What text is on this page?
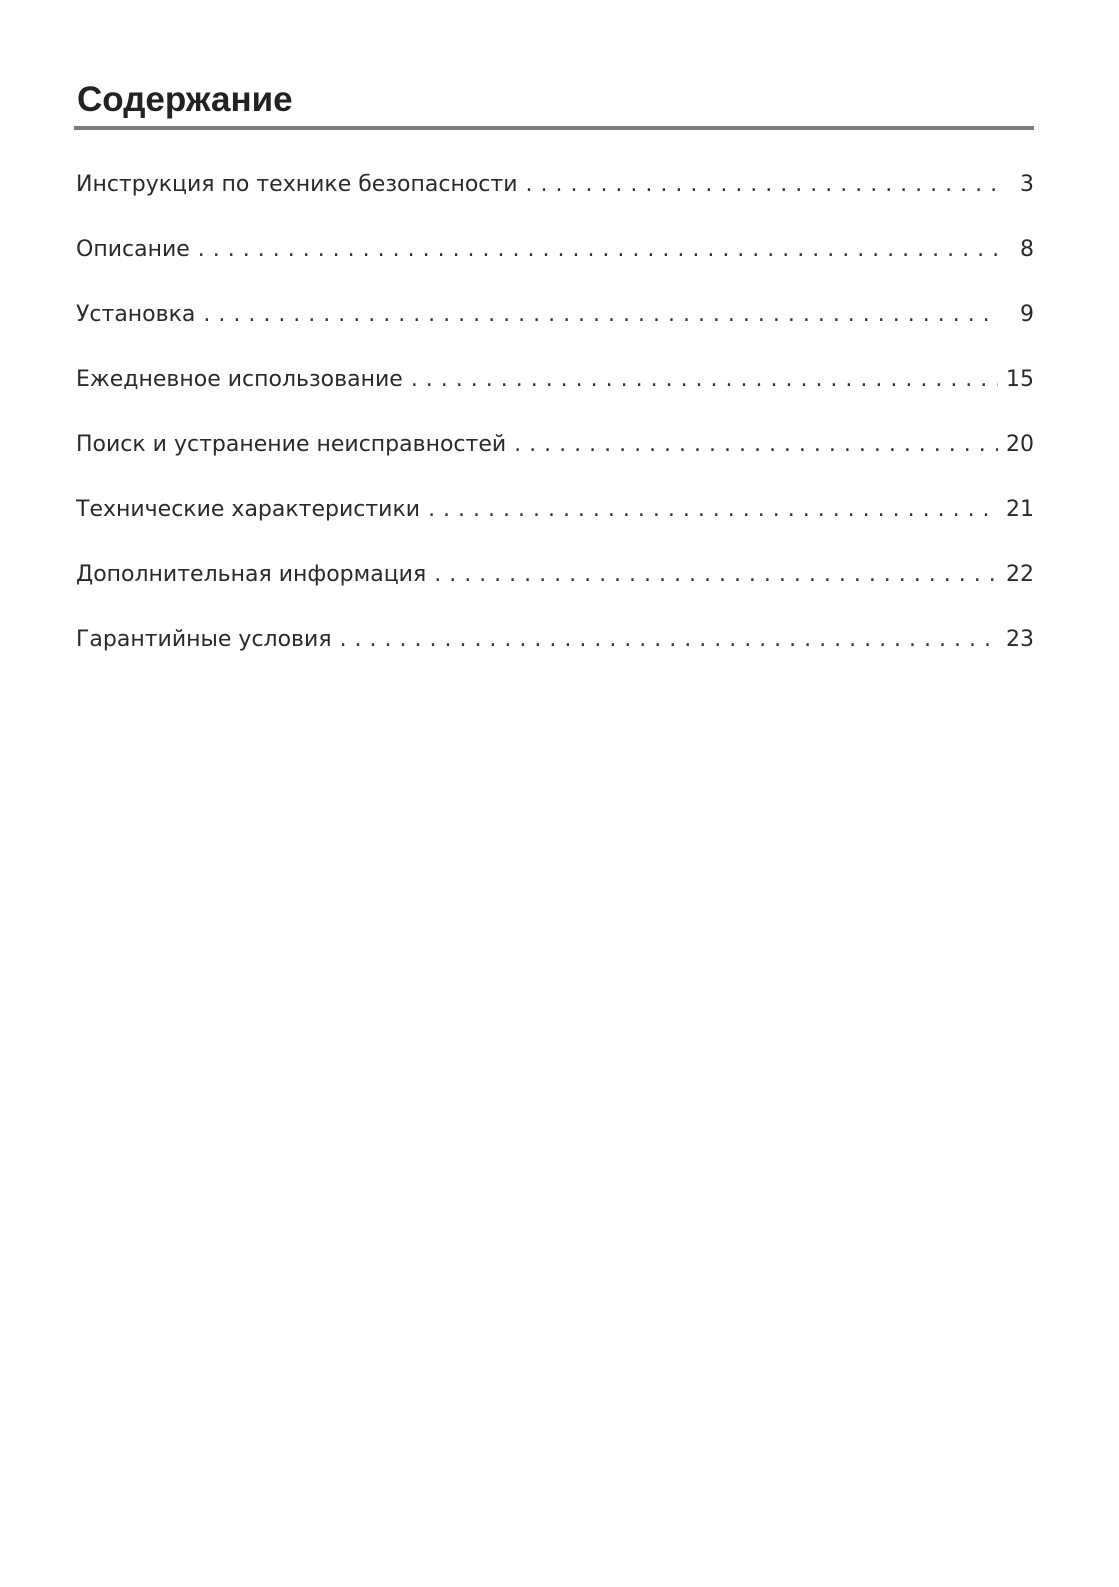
Содержание
Инструкция по технике безопасности . . .	3
Описание . . .	8
Установка . . .	9
Ежедневное использование . . .	15
Поиск и устранение неисправностей . . .	20
Технические характеристики . . .	21
Дополнительная информация . . .	22
Гарантийные условия . . .	23
